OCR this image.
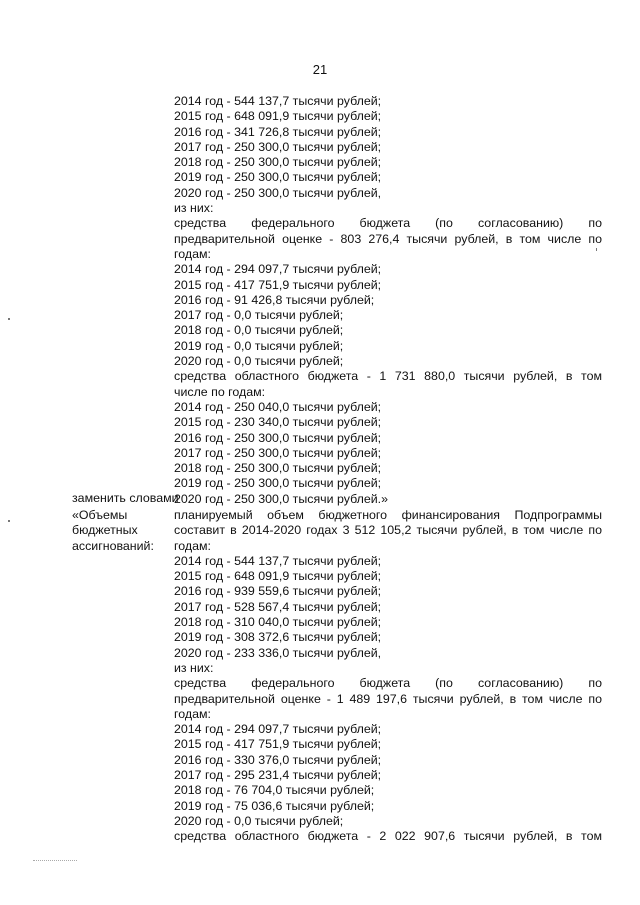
21
2014 год - 544 137,7 тысячи рублей;
2015 год - 648 091,9 тысячи рублей;
2016 год - 341 726,8 тысячи рублей;
2017 год - 250 300,0 тысячи рублей;
2018 год - 250 300,0 тысячи рублей;
2019 год - 250 300,0 тысячи рублей;
2020 год - 250 300,0 тысячи рублей,
из них:
средства федерального бюджета (по согласованию) по
предварительной оценке - 803 276,4 тысячи рублей, в том числе по
годам:
2014 год - 294 097,7 тысячи рублей;
2015 год - 417 751,9 тысячи рублей;
2016 год - 91 426,8 тысячи рублей;
2017 год - 0,0 тысячи рублей;
2018 год - 0,0 тысячи рублей;
2019 год - 0,0 тысячи рублей;
2020 год - 0,0 тысячи рублей;
средства областного бюджета - 1 731 880,0 тысячи рублей, в том
числе по годам:
2014 год - 250 040,0 тысячи рублей;
2015 год - 230 340,0 тысячи рублей;
2016 год - 250 300,0 тысячи рублей;
2017 год - 250 300,0 тысячи рублей;
2018 год - 250 300,0 тысячи рублей;
2019 год - 250 300,0 тысячи рублей;
2020 год - 250 300,0 тысячи рублей.»
заменить словами
«Объемы
бюджетных
ассигнований:
планируемый объем бюджетного финансирования Подпрограммы
составит в 2014-2020 годах 3 512 105,2 тысячи рублей, в том числе по
годам:
2014 год - 544 137,7 тысячи рублей;
2015 год - 648 091,9 тысячи рублей;
2016 год - 939 559,6 тысячи рублей;
2017 год - 528 567,4 тысячи рублей;
2018 год - 310 040,0 тысячи рублей;
2019 год - 308 372,6 тысячи рублей;
2020 год - 233 336,0 тысячи рублей,
из них:
средства федерального бюджета (по согласованию) по
предварительной оценке - 1 489 197,6 тысячи рублей, в том числе по
годам:
2014 год - 294 097,7 тысячи рублей;
2015 год - 417 751,9 тысячи рублей;
2016 год - 330 376,0 тысячи рублей;
2017 год - 295 231,4 тысячи рублей;
2018 год - 76 704,0 тысячи рублей;
2019 год - 75 036,6 тысячи рублей;
2020 год - 0,0 тысячи рублей;
средства областного бюджета - 2 022 907,6 тысячи рублей, в том
